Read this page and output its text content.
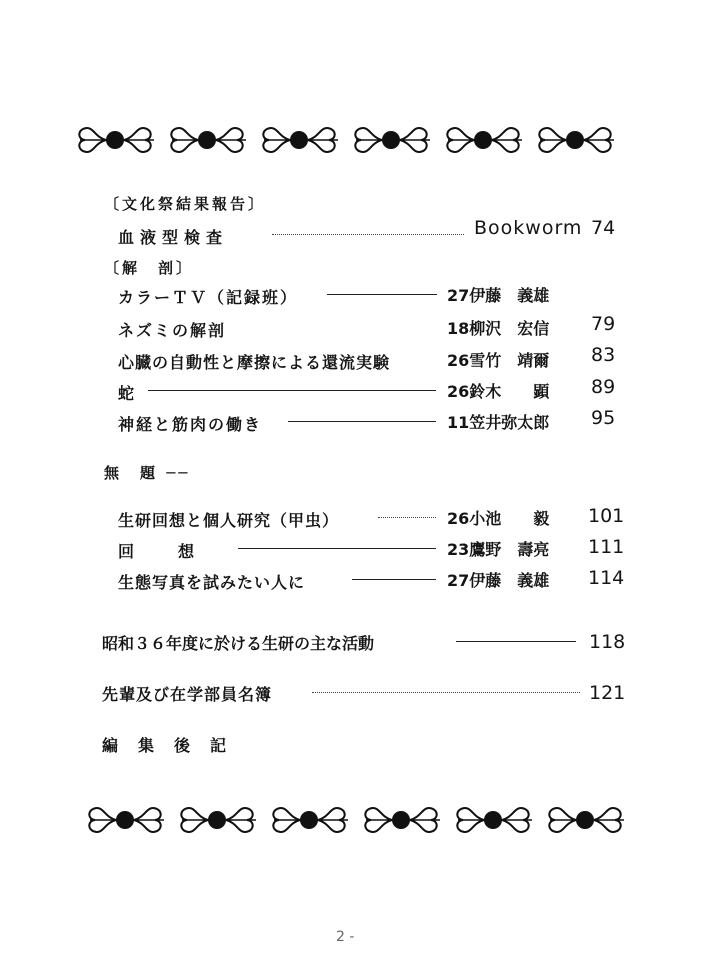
〔文化祭結果報告〕
血液型検査	Bookworm 74
〔解　剖〕
カラーＴＶ（記録班）	27伊藤　義雄
ネズミの解剖	18柳沢　宏信 79
心臓の自動性と摩擦による還流実験	26雪竹　靖爾 83
蛇	26鈴木　　顕 89
神経と筋肉の働き	11笠井弥太郎 95
無　題 ──
生研回想と個人研究（甲虫）	26小池　　毅 101
回　　想	23鷹野　壽亮 111
生態写真を試みたい人に	27伊藤　義雄 114
昭和３６年度に於ける生研の主な活動	118
先輩及び在学部員名簿	121
編　集　後　記
2 -
